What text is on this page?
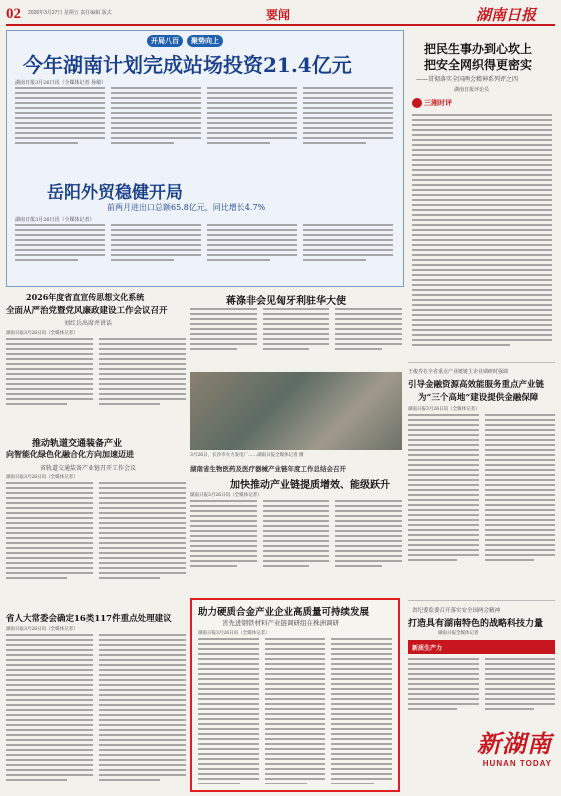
02 2026年3月27日 星期五 责任编辑 版式	要闻	湖南日报
开局八百	聚势向上
今年湖南计划完成站场投资21.4亿元
湖南日报3月26日讯（全媒体记者 孙敏）
岳阳外贸稳健开局
前两月进出口总额65.8亿元，同比增长4.7%
湖南日报3月26日讯（全媒体记者）
把民生事办到心坎上
把安全网织得更密实
——贯彻落实全国两会精神系列评之四
湖南日报评论员
三湘时评
2026年度省直宣传思想文化系统
全面从严治党暨党风廉政建设工作会议召开
刘红兵出席并讲话
湖南日报3月26日讯（全媒体记者）
蒋涤非会见匈牙利驻华大使
3月26日，长沙市火力发电厂……湖南日报全媒体记者 摄
推动轨道交通装备产业
向智能化绿色化融合化方向加速迈进
省轨道交通装备产业链召开工作会议
湖南日报3月26日讯（全媒体记者）
湖南省生物医药及医疗器械产业链年度工作总结会召开
加快推动产业链提质增效、能级跃升
湖南日报3月26日讯（全媒体记者）
王俊寿在全省重点产业链链主企业调研时强调
引导金融资源高效能服务重点产业链
为“三个高地”建设提供金融保障
湖南日报3月26日讯（全媒体记者）
省人大常委会确定16类117件重点处理建议
湖南日报3月26日讯（全媒体记者）
助力硬质合金产业企业高质量可持续发展
省先进钢铁材料产业链调研组在株洲调研
湖南日报3月26日讯（全媒体记者）
省纪委监委召开落实安全国两会精神
打造具有湖南特色的战略科技力量
湖南日报全媒体记者
新质生产力
新湖南
HUNAN TODAY
